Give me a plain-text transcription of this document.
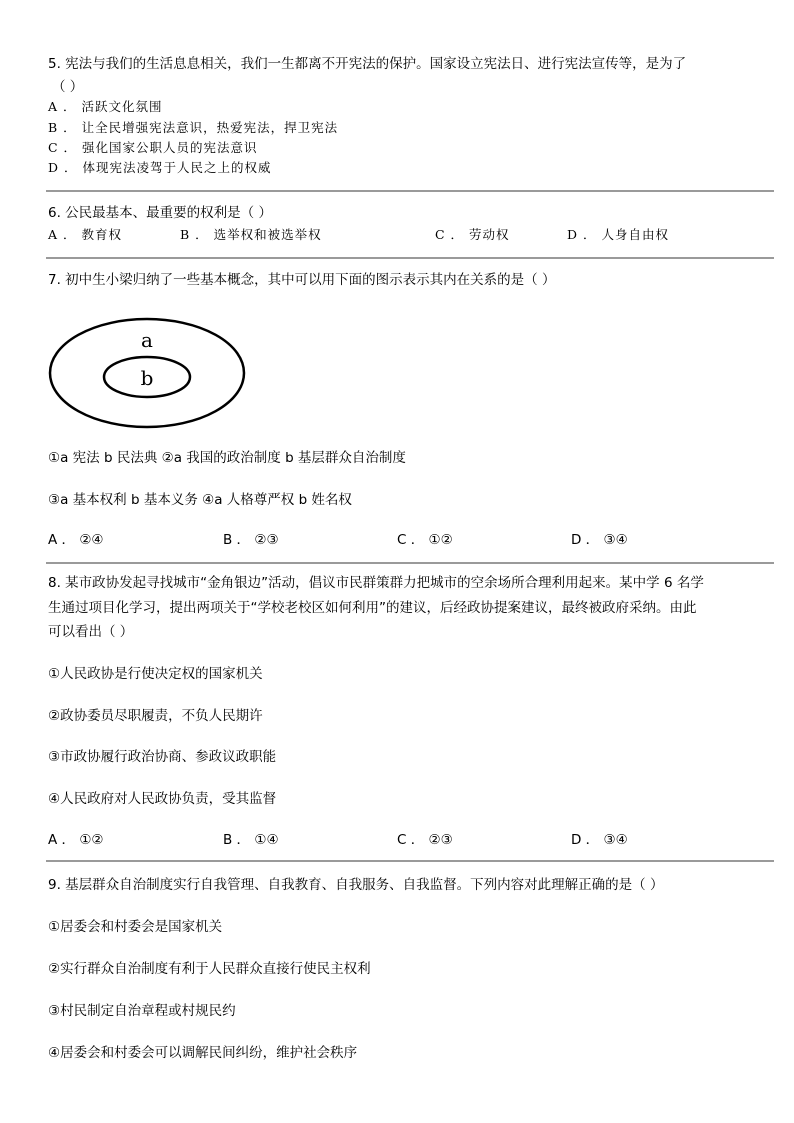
5. 宪法与我们的生活息息相关，我们一生都离不开宪法的保护。国家设立宪法日、进行宪法宣传等，是为了
（ ）
A ． 活跃文化氛围
B ． 让全民增强宪法意识，热爱宪法，捍卫宪法
C ． 强化国家公职人员的宪法意识
D ． 体现宪法凌驾于人民之上的权威
6. 公民最基本、最重要的权利是（ ）
A ． 教育权	B ． 选举权和被选举权	C ． 劳动权	D ． 人身自由权
7. 初中生小梁归纳了一些基本概念，其中可以用下面的图示表示其内在关系的是（ ）
a
b
①a 宪法 b 民法典 ②a 我国的政治制度 b 基层群众自治制度
③a 基本权利 b 基本义务 ④a 人格尊严权 b 姓名权
A ． ②④	B ． ②③	C ． ①②	D ． ③④
8. 某市政协发起寻找城市“金角银边”活动，倡议市民群策群力把城市的空余场所合理利用起来。某中学 6 名学
生通过项目化学习，提出两项关于“学校老校区如何利用”的建议，后经政协提案建议，最终被政府采纳。由此
可以看出（ ）
①人民政协是行使决定权的国家机关
②政协委员尽职履责，不负人民期许
③市政协履行政治协商、参政议政职能
④人民政府对人民政协负责，受其监督
A ． ①②	B ． ①④	C ． ②③	D ． ③④
9. 基层群众自治制度实行自我管理、自我教育、自我服务、自我监督。下列内容对此理解正确的是（ ）
①居委会和村委会是国家机关
②实行群众自治制度有利于人民群众直接行使民主权利
③村民制定自治章程或村规民约
④居委会和村委会可以调解民间纠纷，维护社会秩序
